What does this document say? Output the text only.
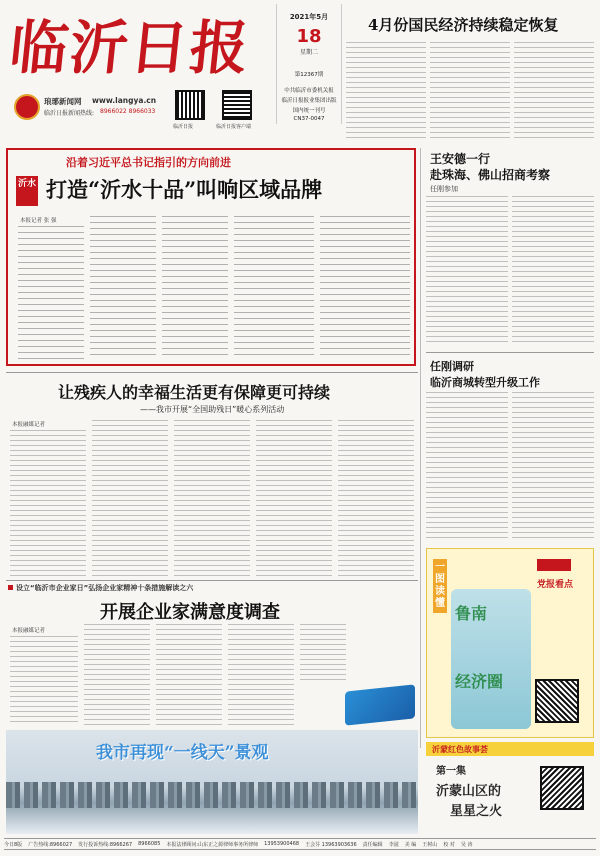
临沂日报
琅琊新闻网 www.langya.cn
临沂日报新闻热线: 8966022 8966033
临沂日报	临沂日报客户端
2021年5月
18
星期二
第12367期
中共临沂市委机关报
临沂日报报业集团出版
国内统一刊号
CN37-0047
4月份国民经济持续稳定恢复
沿着习近平总书记指引的方向前进
沂水 打造“沂水十品”叫响区域品牌
本报记者 张 强
王安德一行
赴珠海、佛山招商考察
任刚参加
任刚调研
临沂商城转型升级工作
让残疾人的幸福生活更有保障更可持续
——我市开展“全国助残日”暖心系列活动
本报融媒记者
设立“临沂市企业家日”弘扬企业家精神十条措施解读之六
开展企业家满意度调查
本报融媒记者
我市再现“一线天”景观
一图读懂
党报看点
鲁南
经济圈
沂蒙红色故事荟
第一集
沂蒙山区的
星星之火
今日8版 广告热线:8966027 发行投诉热线:8966267 8966085 本报法律顾问:山东正之源律师事务所律师 13953900468 王会芬 13963903636 责任编辑 李滋 美 编 王树山 校 对 吴 涛
